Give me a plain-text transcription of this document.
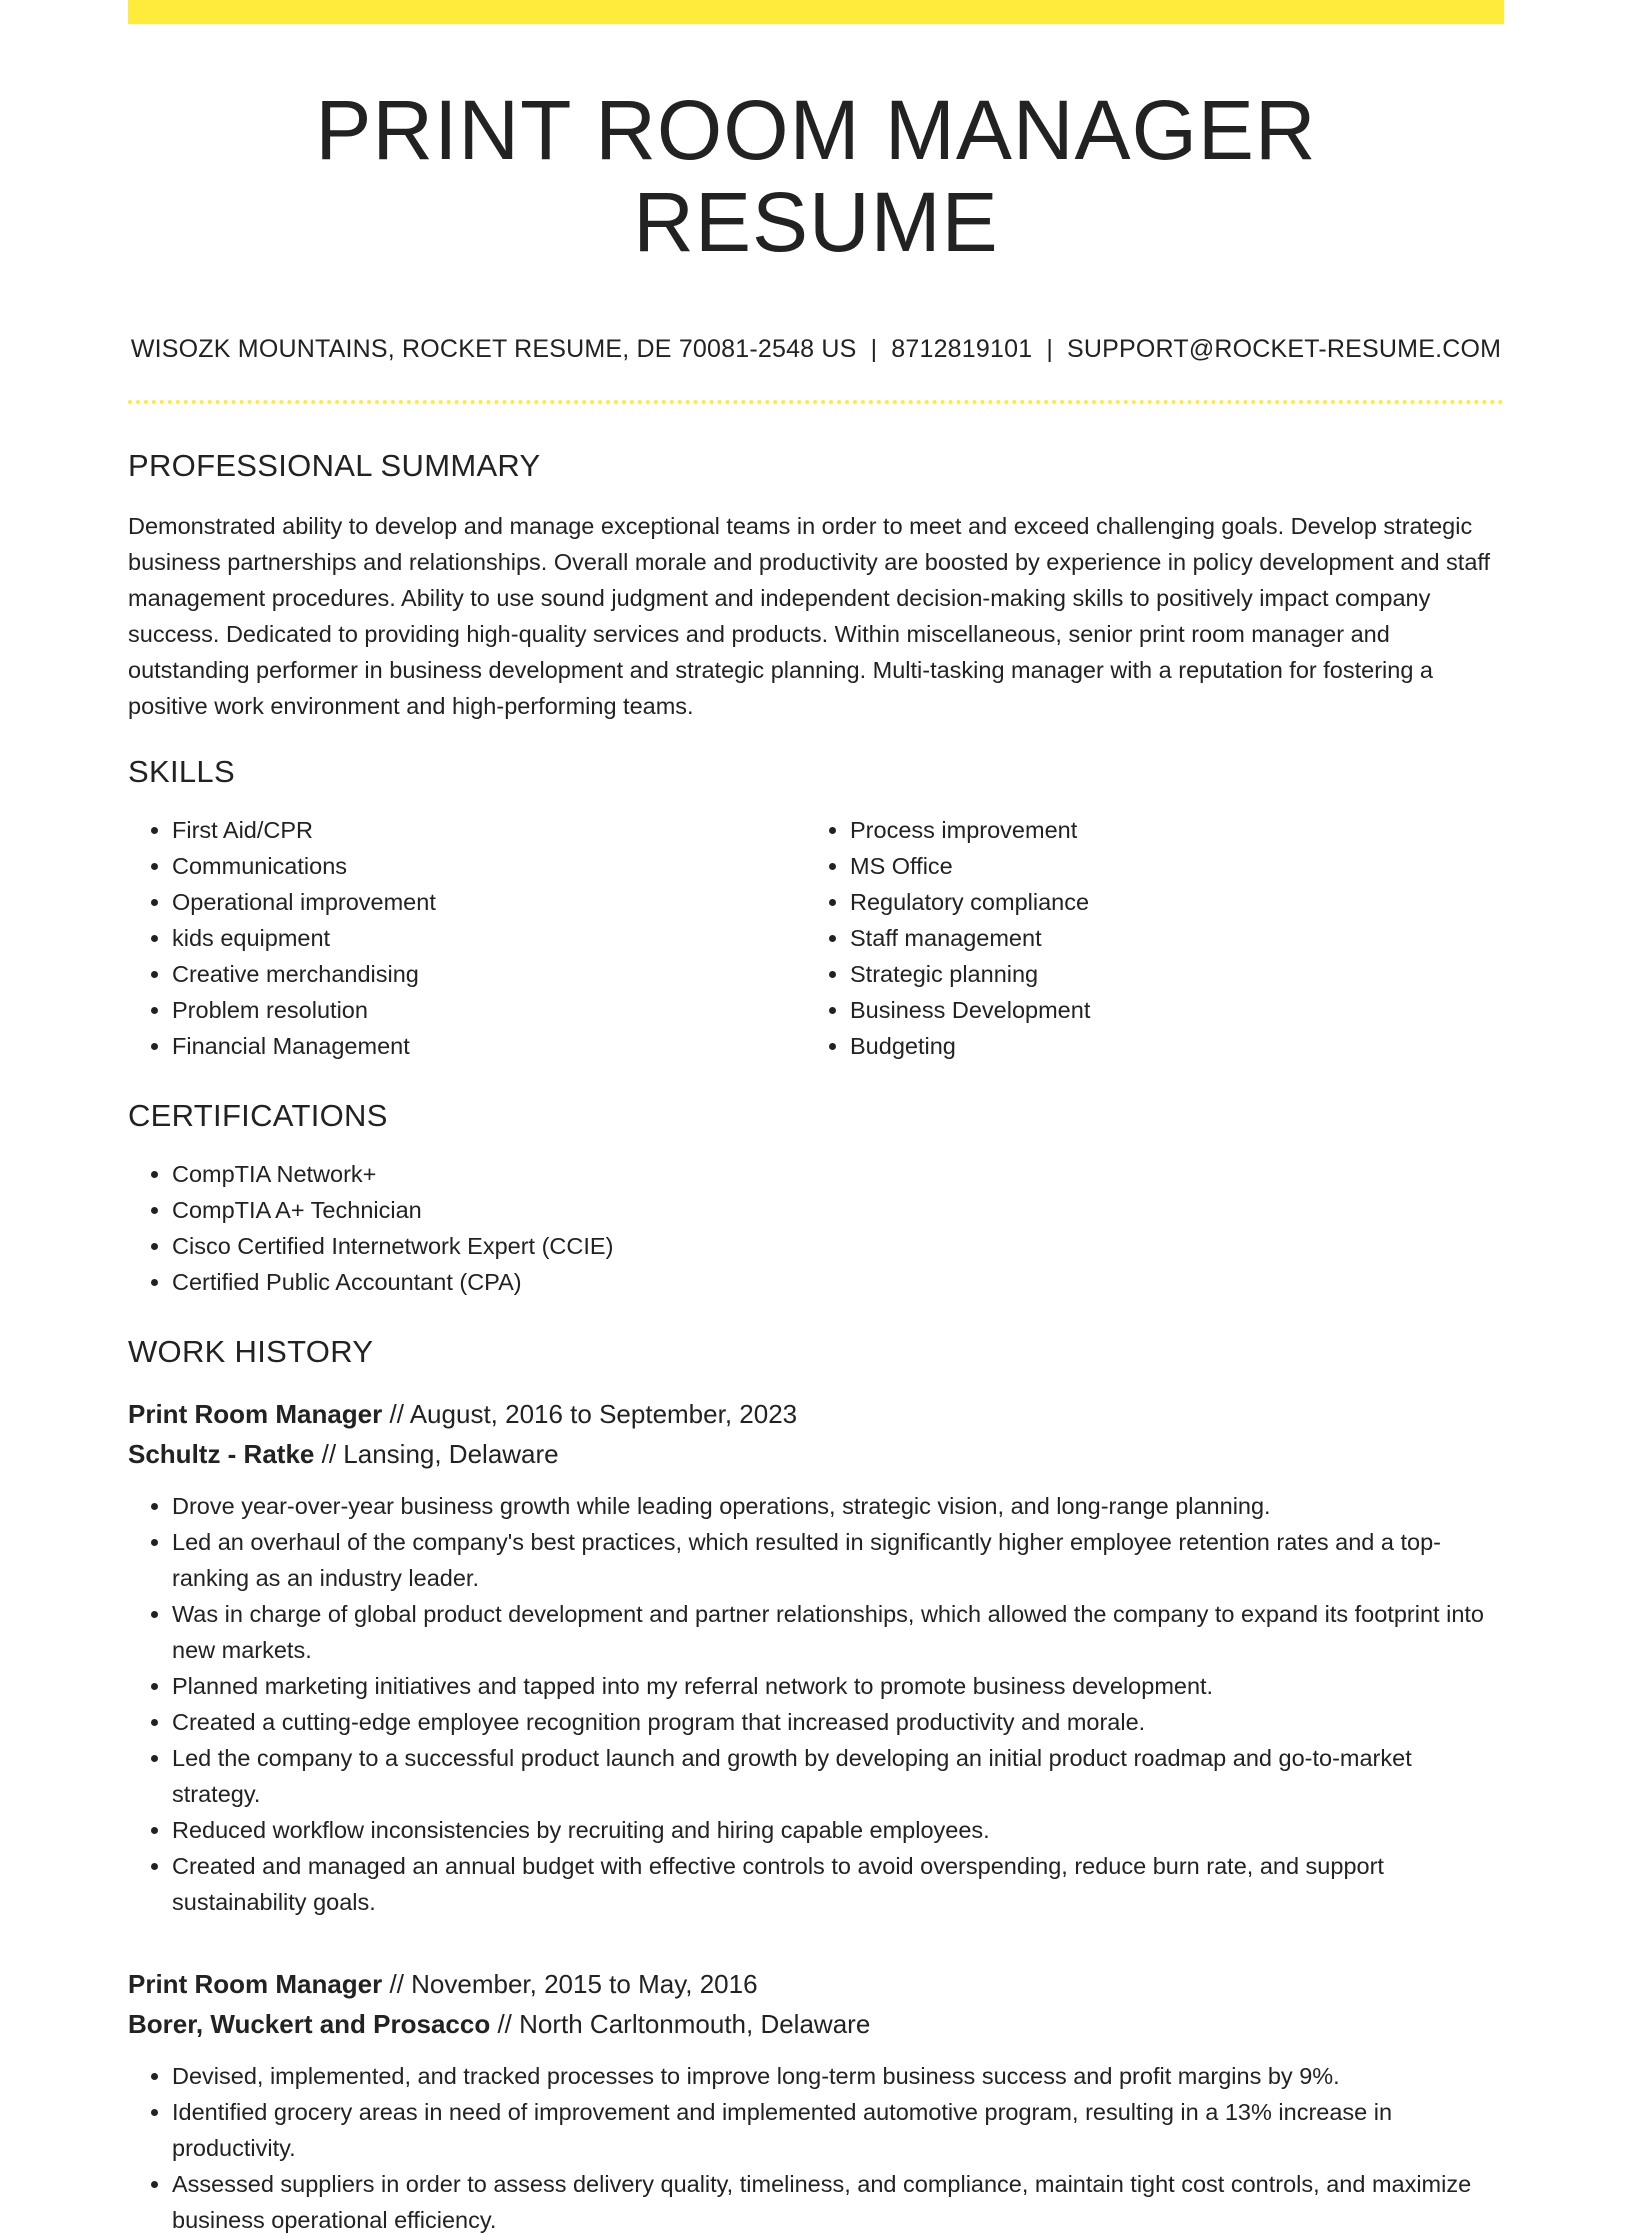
PRINT ROOM MANAGER RESUME
WISOZK MOUNTAINS, ROCKET RESUME, DE 70081-2548 US | 8712819101 | SUPPORT@ROCKET-RESUME.COM
PROFESSIONAL SUMMARY

Demonstrated ability to develop and manage exceptional teams in order to meet and exceed challenging goals. Develop strategic business partnerships and relationships. Overall morale and productivity are boosted by experience in policy development and staff management procedures. Ability to use sound judgment and independent decision-making skills to positively impact company success. Dedicated to providing high-quality services and products. Within miscellaneous, senior print room manager and outstanding performer in business development and strategic planning. Multi-tasking manager with a reputation for fostering a positive work environment and high-performing teams.

SKILLS
• First Aid/CPR
• Communications
• Operational improvement
• kids equipment
• Creative merchandising
• Problem resolution
• Financial Management
• Process improvement
• MS Office
• Regulatory compliance
• Staff management
• Strategic planning
• Business Development
• Budgeting
CERTIFICATIONS
• CompTIA Network+
• CompTIA A+ Technician
• Cisco Certified Internetwork Expert (CCIE)
• Certified Public Accountant (CPA)
WORK HISTORY
Print Room Manager // August, 2016 to September, 2023
Schultz - Ratke // Lansing, Delaware
• Drove year-over-year business growth while leading operations, strategic vision, and long-range planning.
• Led an overhaul of the company's best practices, which resulted in significantly higher employee retention rates and a top-ranking as an industry leader.
• Was in charge of global product development and partner relationships, which allowed the company to expand its footprint into new markets.
• Planned marketing initiatives and tapped into my referral network to promote business development.
• Created a cutting-edge employee recognition program that increased productivity and morale.
• Led the company to a successful product launch and growth by developing an initial product roadmap and go-to-market strategy.
• Reduced workflow inconsistencies by recruiting and hiring capable employees.
• Created and managed an annual budget with effective controls to avoid overspending, reduce burn rate, and support sustainability goals.
Print Room Manager // November, 2015 to May, 2016
Borer, Wuckert and Prosacco // North Carltonmouth, Delaware
• Devised, implemented, and tracked processes to improve long-term business success and profit margins by 9%.
• Identified grocery areas in need of improvement and implemented automotive program, resulting in a 13% increase in productivity.
• Assessed suppliers in order to assess delivery quality, timeliness, and compliance, maintain tight cost controls, and maximize business operational efficiency.
